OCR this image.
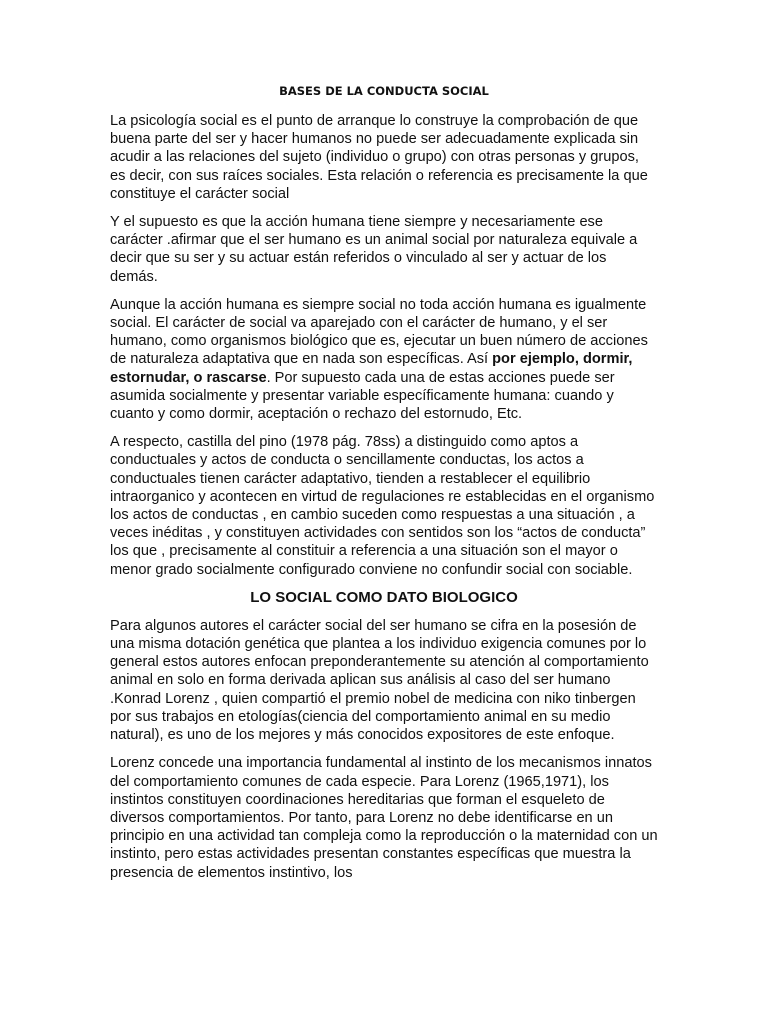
BASES DE LA CONDUCTA SOCIAL

La psicología social es el punto de arranque lo construye la comprobación de que buena parte del ser y hacer humanos no puede ser adecuadamente explicada sin acudir a las relaciones del sujeto (individuo o grupo) con otras personas y grupos, es decir, con sus raíces sociales. Esta relación o referencia es precisamente la que constituye el carácter social

Y el supuesto es que la acción humana tiene siempre y necesariamente ese carácter .afirmar que el ser humano es un animal social por naturaleza equivale a decir que su ser y su actuar están referidos o vinculado al ser y actuar de los demás.

Aunque la acción humana es siempre social no toda acción humana es igualmente social. El carácter de social va aparejado con el carácter de humano, y el ser humano, como organismos biológico que es, ejecutar un buen número de acciones de naturaleza adaptativa que en nada son específicas. Así por ejemplo, dormir, estornudar, o rascarse. Por supuesto cada una de estas acciones puede ser asumida socialmente y presentar variable específicamente humana: cuando y cuanto y como dormir, aceptación o rechazo del estornudo, Etc.

A respecto, castilla del pino (1978 pág. 78ss) a distinguido como aptos a conductuales y actos de conducta o sencillamente conductas, los actos a conductuales tienen carácter adaptativo, tienden a restablecer el equilibrio intraorganico y acontecen en virtud de regulaciones re establecidas en el organismo los actos de conductas , en cambio suceden como respuestas a una situación , a veces inéditas , y constituyen actividades con sentidos son los “actos de conducta” los que , precisamente al constituir a referencia a una situación son el mayor o menor grado socialmente configurado conviene no confundir social con sociable.

LO SOCIAL COMO DATO BIOLOGICO

Para algunos autores el carácter social del ser humano se cifra en la posesión de una misma dotación genética que plantea a los individuo exigencia comunes por lo general estos autores enfocan preponderantemente su atención al comportamiento animal en solo en forma derivada aplican sus análisis al caso del ser humano .Konrad Lorenz , quien compartió el premio nobel de medicina con niko tinbergen por sus trabajos en etologías(ciencia del comportamiento animal en su medio natural), es uno de los mejores y más conocidos expositores de este enfoque.

Lorenz concede una importancia fundamental al instinto de los mecanismos innatos del comportamiento comunes de cada especie. Para Lorenz (1965,1971), los instintos constituyen coordinaciones hereditarias que forman el esqueleto de diversos comportamientos. Por tanto, para Lorenz no debe identificarse en un principio en una actividad tan compleja como la reproducción o la maternidad con un instinto, pero estas actividades presentan constantes específicas que muestra la presencia de elementos instintivo, los
